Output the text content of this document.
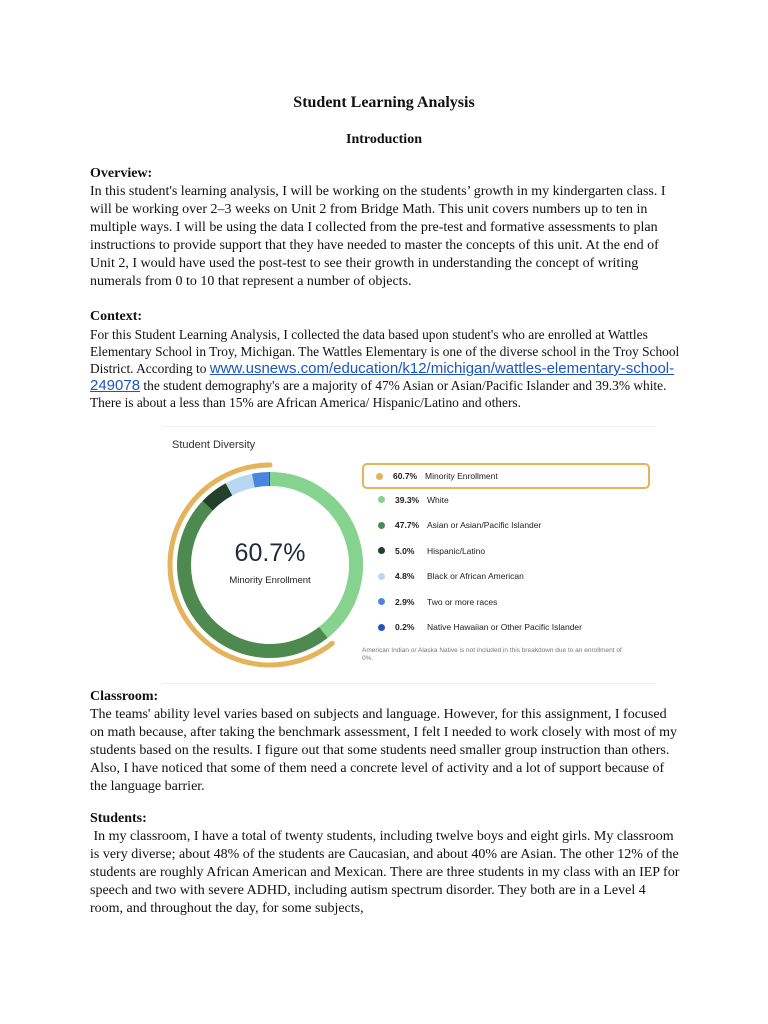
Student Learning Analysis
Introduction
Overview:

In this student's learning analysis, I will be working on the students’ growth in my kindergarten class. I will be working over 2–3 weeks on Unit 2 from Bridge Math. This unit covers numbers up to ten in multiple ways. I will be using the data I collected from the pre-test and formative assessments to plan instructions to provide support that they have needed to master the concepts of this unit. At the end of Unit 2, I would have used the post-test to see their growth in understanding the concept of writing numerals from 0 to 10 that represent a number of objects.

Context:

For this Student Learning Analysis, I collected the data based upon student's who are enrolled at Wattles Elementary School in Troy, Michigan. The Wattles Elementary is one of the diverse school in the Troy School District. According to www.usnews.com/education/k12/michigan/wattles-elementary-school-249078 the student demography's are a majority of 47% Asian or Asian/Pacific Islander and 39.3% white. There is about a less than 15% are African America/ Hispanic/Latino and others.

Student Diversity
60.7%
Minority Enrollment
60.7% Minority Enrollment
39.3% White
47.7% Asian or Asian/Pacific Islander
5.0%	Hispanic/Latino
4.8%	Black or African American
2.9%	Two or more races
0.2%	Native Hawaiian or Other Pacific Islander
American Indian or Alaska Native is not included in this breakdown due to an enrollment of 0%.
Classroom:

The teams' ability level varies based on subjects and language. However, for this assignment, I focused on math because, after taking the benchmark assessment, I felt I needed to work closely with most of my students based on the results. I figure out that some students need smaller group instruction than others. Also, I have noticed that some of them need a concrete level of activity and a lot of support because of the language barrier.

Students:

In my classroom, I have a total of twenty students, including twelve boys and eight girls. My classroom is very diverse; about 48% of the students are Caucasian, and about 40% are Asian. The other 12% of the students are roughly African American and Mexican. There are three students in my class with an IEP for speech and two with severe ADHD, including autism spectrum disorder. They both are in a Level 4 room, and throughout the day, for some subjects,
